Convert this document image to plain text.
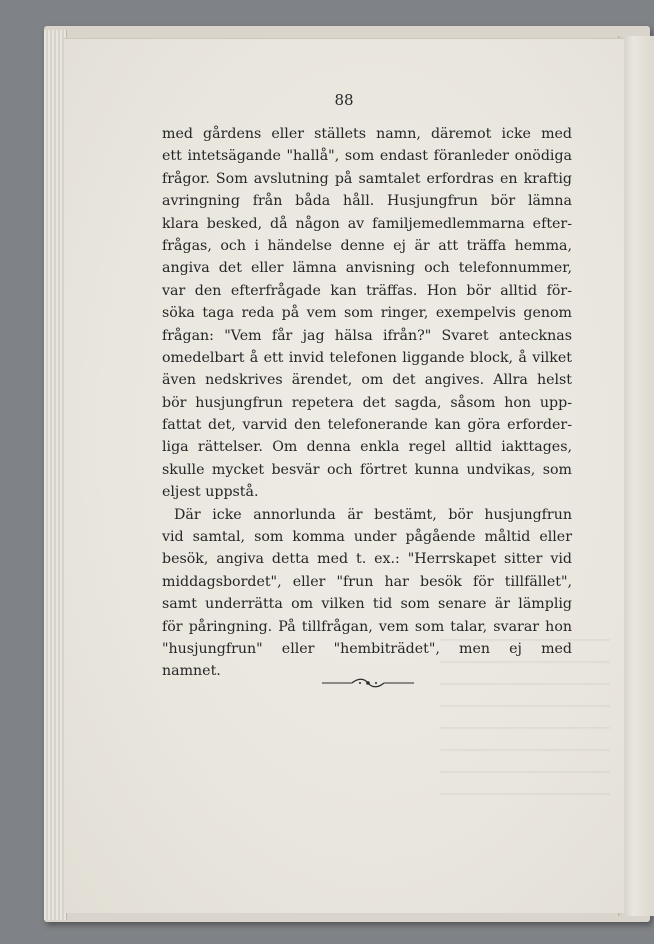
88
med gårdens eller ställets namn, däremot icke med
ett intetsägande "hallå", som endast föranleder onödiga
frågor. Som avslutning på samtalet erfordras en kraftig
avringning från båda håll. Husjungfrun bör lämna
klara besked, då någon av familjemedlemmarna efter-
frågas, och i händelse denne ej är att träffa hemma,
angiva det eller lämna anvisning och telefonnummer,
var den efterfrågade kan träffas. Hon bör alltid för-
söka taga reda på vem som ringer, exempelvis genom
frågan: "Vem får jag hälsa ifrån?" Svaret antecknas
omedelbart å ett invid telefonen liggande block, å vilket
även nedskrives ärendet, om det angives. Allra helst
bör husjungfrun repetera det sagda, såsom hon upp-
fattat det, varvid den telefonerande kan göra erforder-
liga rättelser. Om denna enkla regel alltid iakttages,
skulle mycket besvär och förtret kunna undvikas, som
eljest uppstå.
Där icke annorlunda är bestämt, bör husjungfrun
vid samtal, som komma under pågående måltid eller
besök, angiva detta med t. ex.: "Herrskapet sitter vid
middagsbordet", eller "frun har besök för tillfället",
samt underrätta om vilken tid som senare är lämplig
för påringning. På tillfrågan, vem som talar, svarar hon
"husjungfrun" eller "hembiträdet", men ej med
namnet.
